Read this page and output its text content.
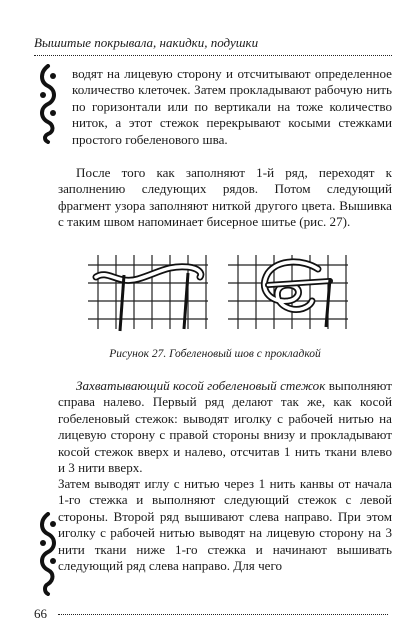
Вышитые покрывала, накидки, подушки

водят на лицевую сторону и отсчитывают определенное количество клеточек. Затем прокладывают рабочую нить по горизонтали или по вертикали на тоже количество ниток, а этот стежок перекрывают косыми стежками простого гобеленового шва.

После того как заполняют 1-й ряд, переходят к заполнению следующих рядов. Потом следующий фрагмент узора заполняют ниткой другого цвета. Вышивка с таким швом напоминает бисерное шитье (рис. 27).

Рисунок 27. Гобеленовый шов с прокладкой

Захватывающий косой гобеленовый стежок выполняют справа налево. Первый ряд делают так же, как косой гобеленовый стежок: выводят иголку с рабочей нитью на лицевую сторону с правой стороны внизу и прокладывают косой стежок вверх и налево, отсчитав 1 нить ткани влево и 3 нити вверх.

Затем выводят иглу с нитью через 1 нить канвы от начала 1-го стежка и выполняют следующий стежок с левой стороны. Второй ряд вышивают слева направо. При этом иголку с рабочей нитью выводят на лицевую сторону на 3 нити ткани ниже 1-го стежка и начинают вышивать следующий ряд слева направо. Для чего

66
